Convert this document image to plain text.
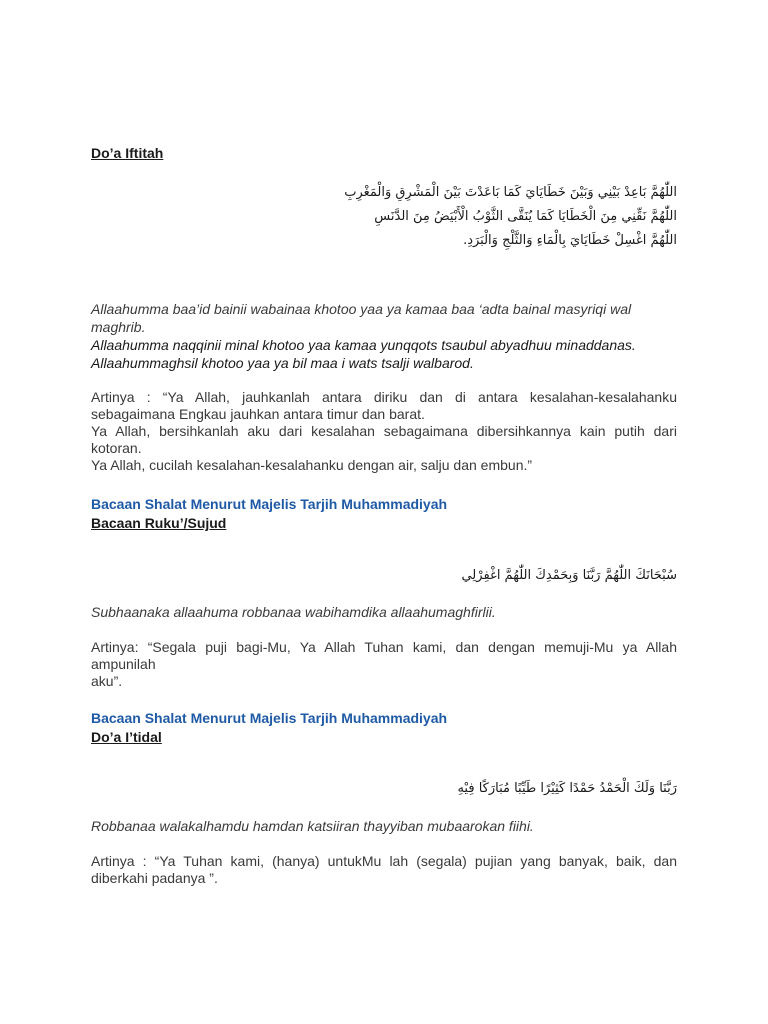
Do’a Iftitah

اللّٰهُمَّ بَاعِدْ بَيْنِي وَبَيْنَ خَطَايَايَ كَمَا بَاعَدْتَ بَيْنَ الْمَشْرِقِ وَالْمَغْرِبِ

اللّٰهُمَّ نَقِّنِي مِنَ الْخَطَايَا كَمَا يُنَقَّى الثَّوْبُ الْأَبْيَضُ مِنَ الدَّنَسِ

اللّٰهُمَّ اغْسِلْ خَطَايَايَ بِالْمَاءِ وَالثَّلْجِ وَالْبَرَدِ.

Allaahumma baa’id bainii wabainaa khotoo yaa ya kamaa baa ‘adta bainal masyriqi wal maghrib.

Allaahumma naqqinii minal khotoo yaa kamaa yunqqots tsaubul abyadhuu minaddanas.

Allaahummaghsil khotoo yaa ya bil maa i wats tsalji walbarod.

Artinya : “Ya Allah, jauhkanlah antara diriku dan di antara kesalahan-kesalahanku sebagaimana Engkau jauhkan antara timur dan barat.

Ya Allah, bersihkanlah aku dari kesalahan sebagaimana dibersihkannya kain putih dari kotoran.

Ya Allah, cucilah kesalahan-kesalahanku dengan air, salju dan embun.”

Bacaan Shalat Menurut Majelis Tarjih Muhammadiyah
Bacaan Ruku’/Sujud
سُبْحَانَكَ اللّٰهُمَّ رَبَّنَا وَبِحَمْدِكَ اللّٰهُمَّ اغْفِرْلِي
Subhaanaka allaahuma robbanaa wabihamdika allaahumaghfirlii.

Artinya: “Segala puji bagi-Mu, Ya Allah Tuhan kami, dan dengan memuji-Mu ya Allah ampunilah

aku”.

Bacaan Shalat Menurut Majelis Tarjih Muhammadiyah
Do’a I’tidal
رَبَّنَا وَلَكَ الْحَمْدُ حَمْدًا كَثِيْرًا طَيِّبًا مُبَارَكًا فِيْهِ
Robbanaa walakalhamdu hamdan katsiiran thayyiban mubaarokan fiihi.
Artinya : “Ya Tuhan kami, (hanya) untukMu lah (segala) pujian yang banyak, baik, dan diberkahi padanya ”.
